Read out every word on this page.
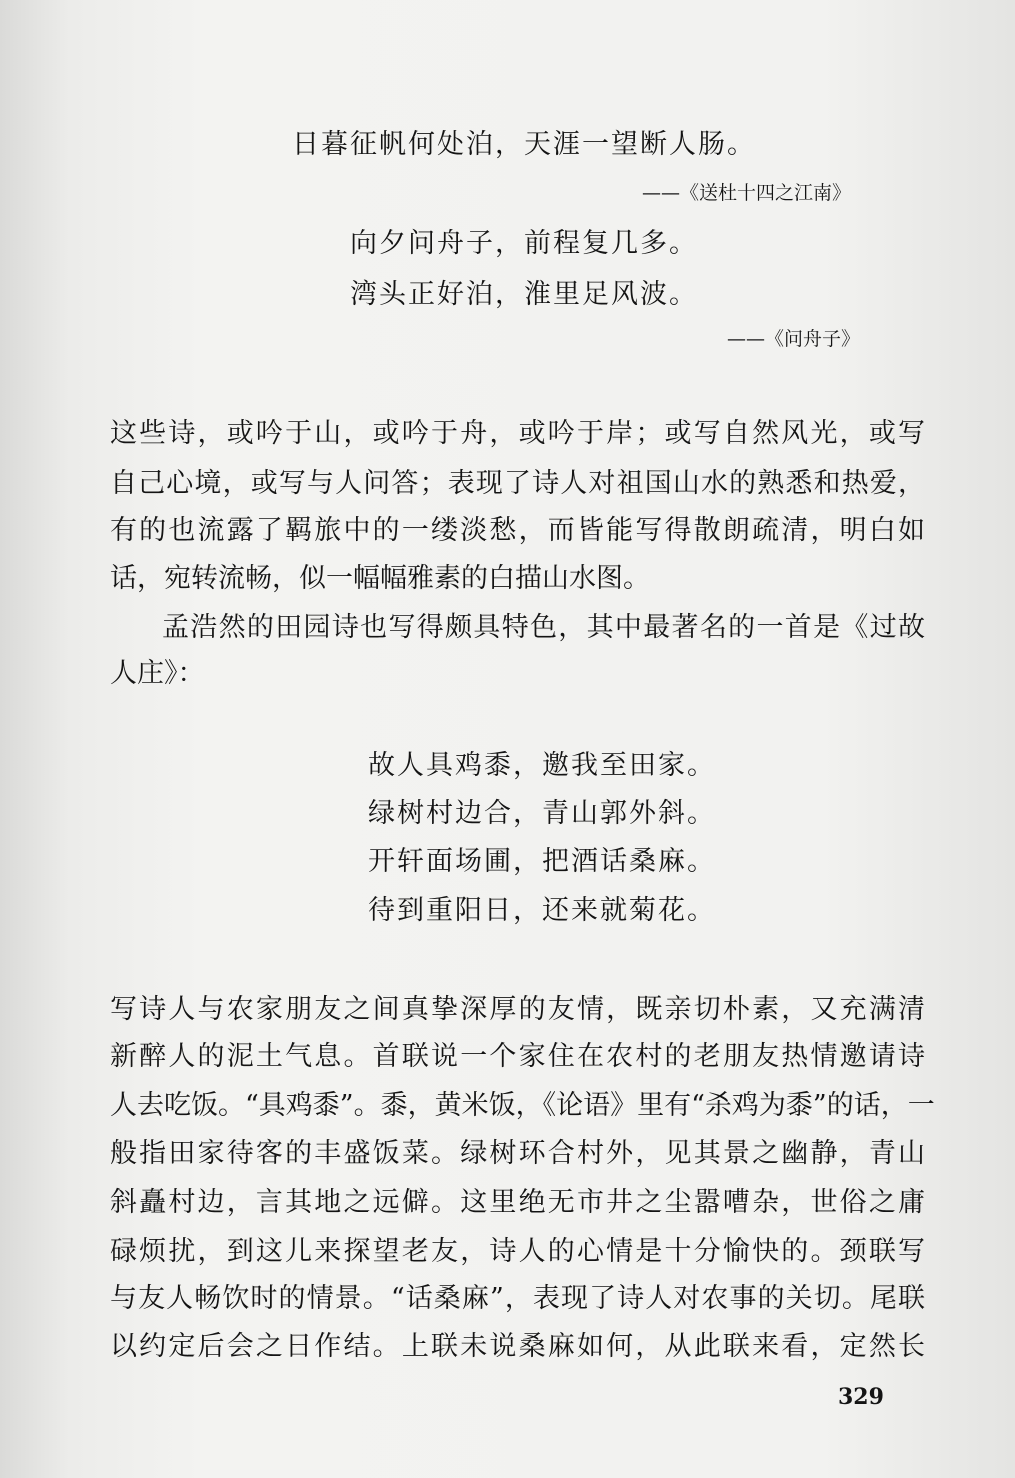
日暮征帆何处泊，天涯一望断人肠。
——《送杜十四之江南》
向夕问舟子，前程复几多。
湾头正好泊，淮里足风波。
——《问舟子》
这些诗，或吟于山，或吟于舟，或吟于岸；或写自然风光，或写
自己心境，或写与人问答；表现了诗人对祖国山水的熟悉和热爱，
有的也流露了羁旅中的一缕淡愁，而皆能写得散朗疏清，明白如
话，宛转流畅，似一幅幅雅素的白描山水图。
孟浩然的田园诗也写得颇具特色，其中最著名的一首是《过故
人庄》：
故人具鸡黍，邀我至田家。
绿树村边合，青山郭外斜。
开轩面场圃，把酒话桑麻。
待到重阳日，还来就菊花。
写诗人与农家朋友之间真挚深厚的友情，既亲切朴素，又充满清
新醉人的泥土气息。首联说一个家住在农村的老朋友热情邀请诗
人去吃饭。“具鸡黍”。黍，黄米饭，《论语》里有“杀鸡为黍”的话，一
般指田家待客的丰盛饭菜。绿树环合村外，见其景之幽静，青山
斜矗村边，言其地之远僻。这里绝无市井之尘嚣嘈杂，世俗之庸
碌烦扰，到这儿来探望老友，诗人的心情是十分愉快的。颈联写
与友人畅饮时的情景。“话桑麻”，表现了诗人对农事的关切。尾联
以约定后会之日作结。上联未说桑麻如何，从此联来看，定然长
329
